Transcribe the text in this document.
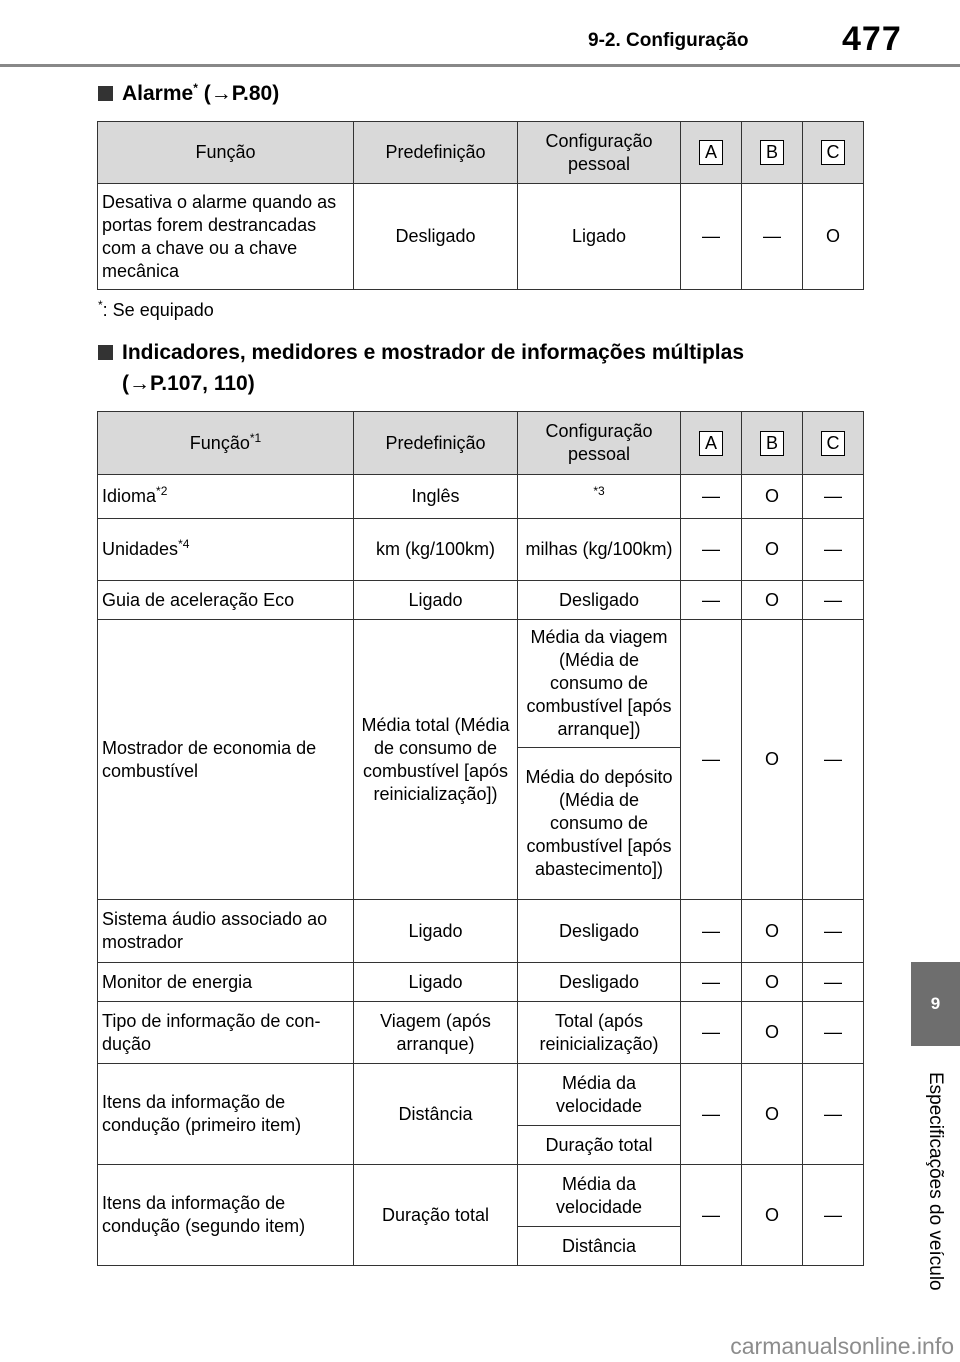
9-2. Configuração	477
9
Especificações do veículo
Alarme* (→P.80)
Função	Predefinição	Configuração pessoal	A	B	C
Desativa o alarme quando as portas forem destrancadas com a chave ou a chave mecânica	Desligado	Ligado	—	—	O
*: Se equipado
Indicadores, medidores e mostrador de informações múltiplas
(→P.107, 110)
Função$^{*1}$	Predefinição	Configuração pessoal	A	B	C
Idioma$^{*2}$	Inglês	$^{*3}$	—	O	—
Unidades$^{*4}$	km (kg/100km)	milhas (kg/100km)	—	O	—
Guia de aceleração Eco	Ligado	Desligado	—	O	—
Mostrador de economia de combustível	Média total (Média de consumo de combustível [após reinicialização])	Média da viagem (Média de consumo de combustível [após arranque])	—	O	—
		Média do depósito (Média de consumo de combustível [após abastecimento])			
Sistema áudio associado ao mostrador	Ligado	Desligado	—	O	—
Monitor de energia	Ligado	Desligado	—	O	—
Tipo de informação de con-dução	Viagem (após arranque)	Total (após reinicialização)	—	O	—
Itens da informação de condução (primeiro item)	Distância	Média da velocidade	—	O	—
		Duração total			
Itens da informação de condução (segundo item)	Duração total	Média da velocidade	—	O	—
		Distância			
carmanualsonline.info
